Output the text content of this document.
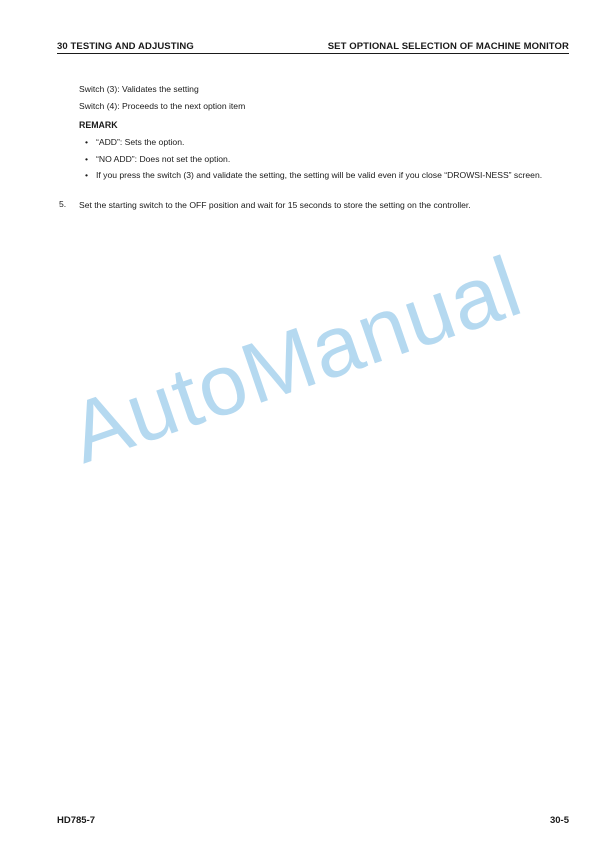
30 TESTING AND ADJUSTING	SET OPTIONAL SELECTION OF MACHINE MONITOR
Switch (3): Validates the setting
Switch (4): Proceeds to the next option item
REMARK
• “ADD”: Sets the option.
• “NO ADD”: Does not set the option.
• If you press the switch (3) and validate the setting, the setting will be valid even if you close “DROWSI-NESS” screen.
5. Set the starting switch to the OFF position and wait for 15 seconds to store the setting on the controller.
AutoManual
HD785-7	30-5
